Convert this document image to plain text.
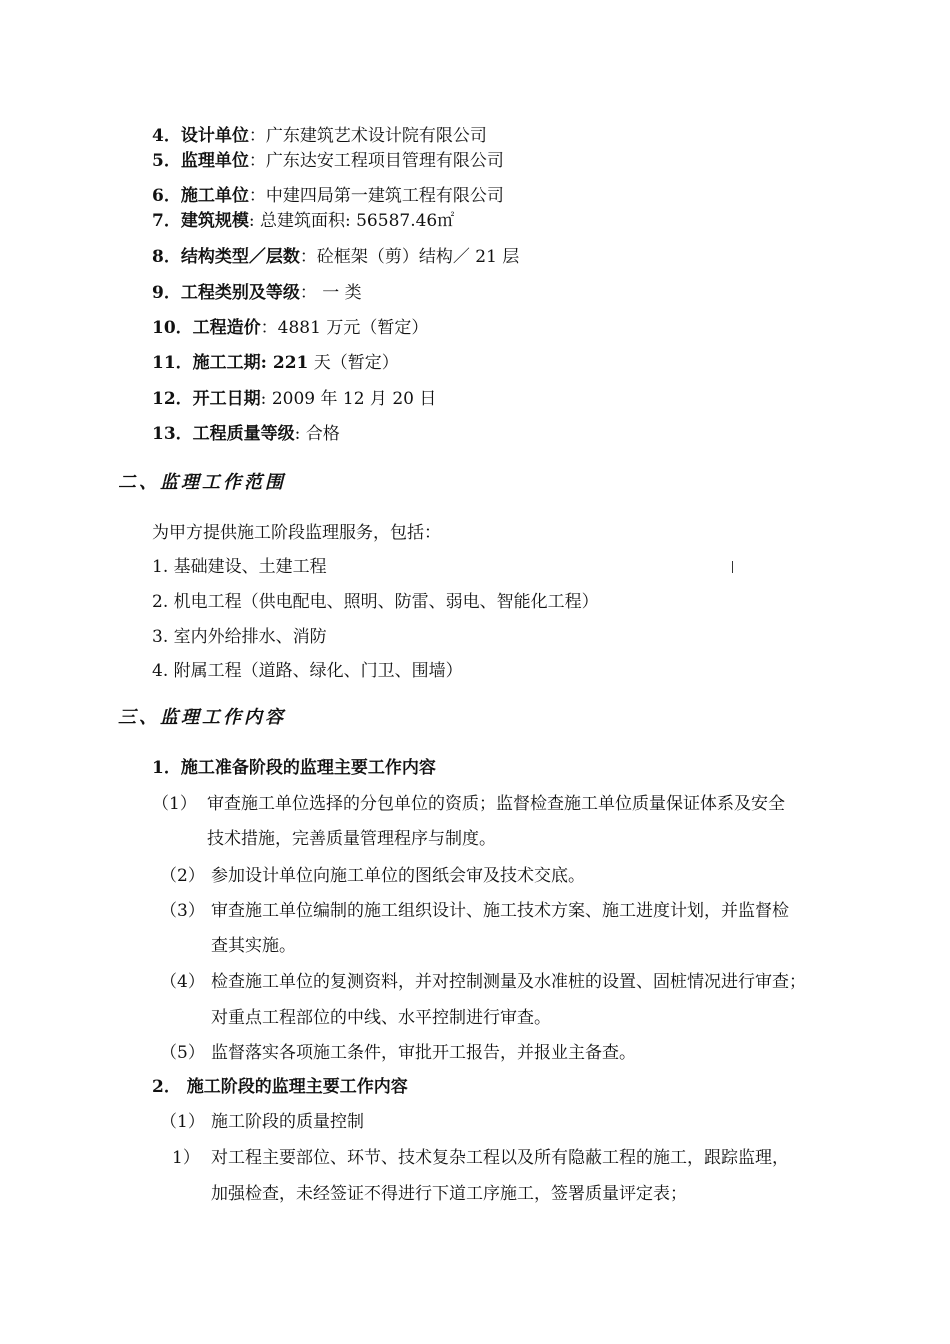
4．设计单位：广东建筑艺术设计院有限公司
5．监理单位：广东达安工程项目管理有限公司
6．施工单位：中建四局第一建筑工程有限公司
7．建筑规模: 总建筑面积: 56587.46㎡
8．结构类型／层数：砼框架（剪）结构／ 21 层
9．工程类别及等级： 一 类
10．工程造价：4881 万元（暂定）
11．施工工期: 221 天（暂定）
12．开工日期: 2009 年 12 月 20 日
13．工程质量等级: 合格
二、监理工作范围
为甲方提供施工阶段监理服务，包括：
1. 基础建设、土建工程
2. 机电工程（供电配电、照明、防雷、弱电、智能化工程）
3. 室内外给排水、消防
4. 附属工程（道路、绿化、门卫、围墙）
三、监理工作内容
1．施工准备阶段的监理主要工作内容
（1） 审查施工单位选择的分包单位的资质；监督检查施工单位质量保证体系及安全
技术措施，完善质量管理程序与制度。
（2） 参加设计单位向施工单位的图纸会审及技术交底。
（3） 审查施工单位编制的施工组织设计、施工技术方案、施工进度计划，并监督检
查其实施。
（4） 检查施工单位的复测资料，并对控制测量及水准桩的设置、固桩情况进行审查；
对重点工程部位的中线、水平控制进行审查。
（5） 监督落实各项施工条件，审批开工报告，并报业主备查。
2． 施工阶段的监理主要工作内容
（1） 施工阶段的质量控制
1） 对工程主要部位、环节、技术复杂工程以及所有隐蔽工程的施工，跟踪监理，
加强检查，未经签证不得进行下道工序施工，签署质量评定表；
